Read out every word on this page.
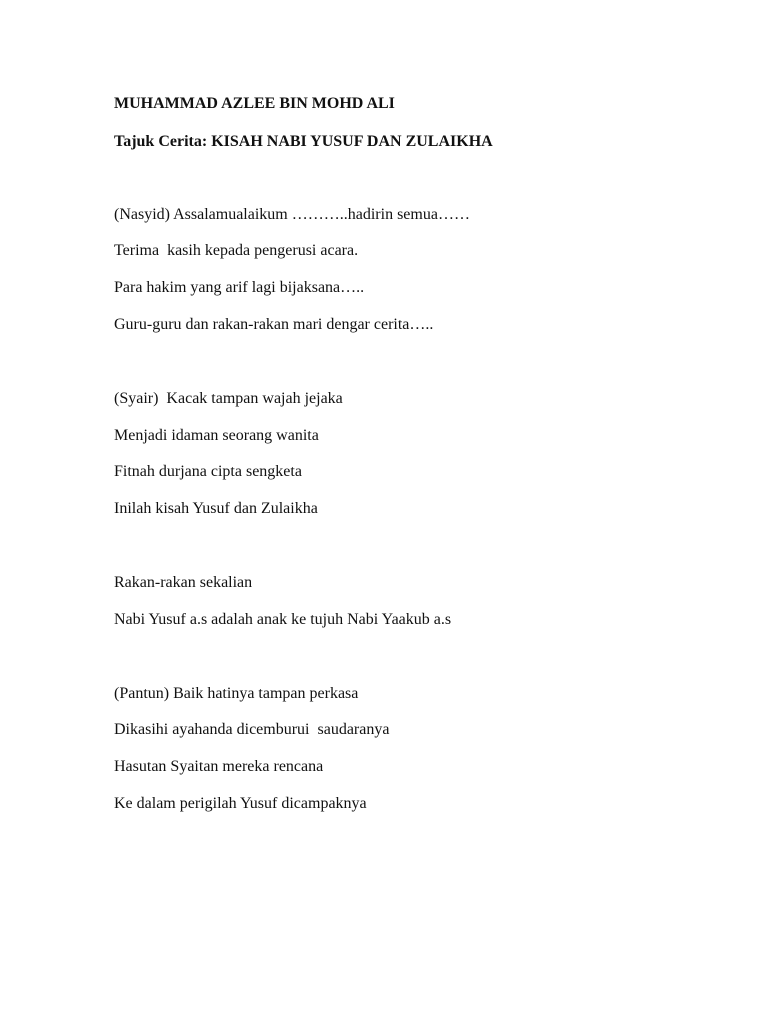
MUHAMMAD AZLEE BIN MOHD ALI
Tajuk Cerita: KISAH NABI YUSUF DAN ZULAIKHA
(Nasyid) Assalamualaikum ………..hadirin semua……
Terima  kasih kepada pengerusi acara.
Para hakim yang arif lagi bijaksana…..
Guru-guru dan rakan-rakan mari dengar cerita…..
(Syair)  Kacak tampan wajah jejaka
Menjadi idaman seorang wanita
Fitnah durjana cipta sengketa
Inilah kisah Yusuf dan Zulaikha
Rakan-rakan sekalian
Nabi Yusuf a.s adalah anak ke tujuh Nabi Yaakub a.s
(Pantun) Baik hatinya tampan perkasa
Dikasihi ayahanda dicemburui  saudaranya
Hasutan Syaitan mereka rencana
Ke dalam perigilah Yusuf dicampaknya
